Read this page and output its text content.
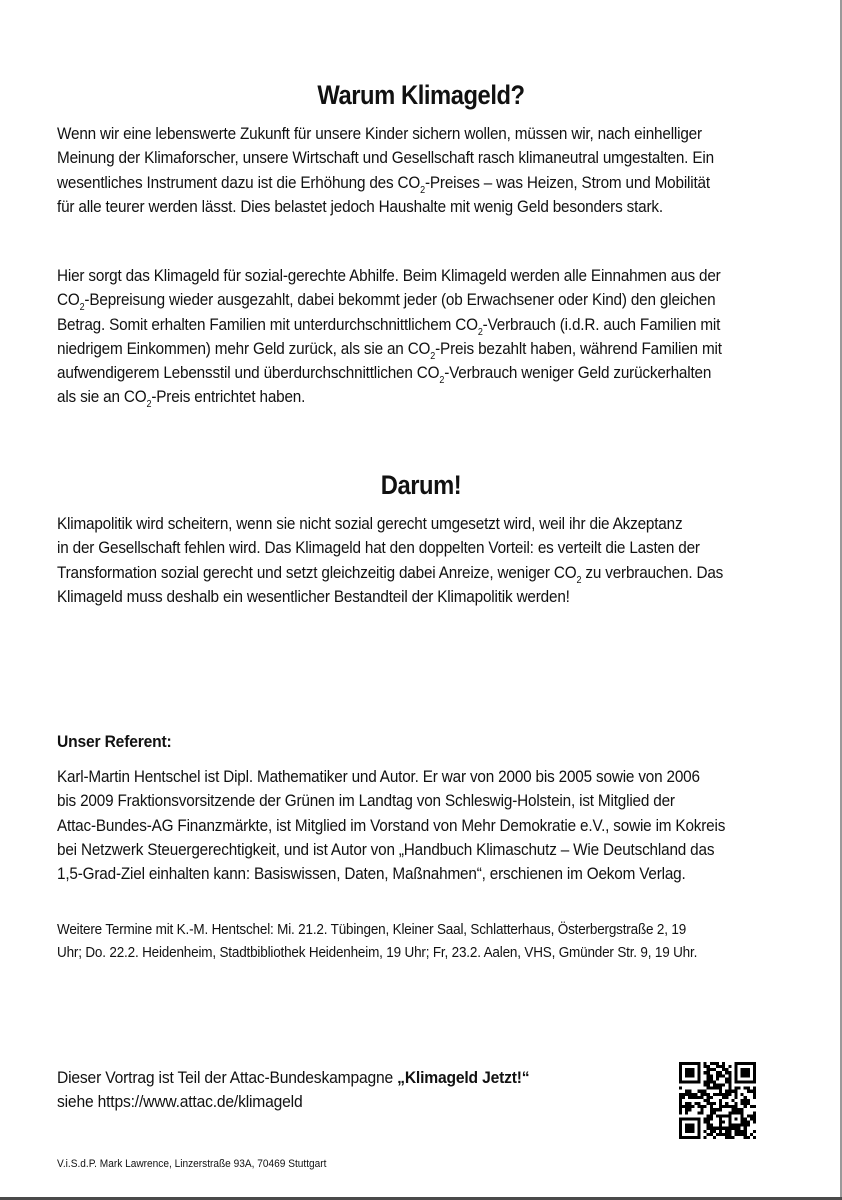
Warum Klimageld?
Wenn wir eine lebenswerte Zukunft für unsere Kinder sichern wollen, müssen wir, nach einhelliger
Meinung der Klimaforscher, unsere Wirtschaft und Gesellschaft rasch klimaneutral umgestalten. Ein
wesentliches Instrument dazu ist die Erhöhung des $CO_2$-Preises – was Heizen, Strom und Mobilität
für alle teurer werden lässt. Dies belastet jedoch Haushalte mit wenig Geld besonders stark.
Hier sorgt das Klimageld für sozial-gerechte Abhilfe. Beim Klimageld werden alle Einnahmen aus der
$CO_2$-Bepreisung wieder ausgezahlt, dabei bekommt jeder (ob Erwachsener oder Kind) den gleichen
Betrag. Somit erhalten Familien mit unterdurchschnittlichem $CO_2$-Verbrauch (i.d.R. auch Familien mit
niedrigem Einkommen) mehr Geld zurück, als sie an $CO_2$-Preis bezahlt haben, während Familien mit
aufwendigerem Lebensstil und überdurchschnittlichen $CO_2$-Verbrauch weniger Geld zurückerhalten
als sie an $CO_2$-Preis entrichtet haben.
Darum!
Klimapolitik wird scheitern, wenn sie nicht sozial gerecht umgesetzt wird, weil ihr die Akzeptanz
in der Gesellschaft fehlen wird. Das Klimageld hat den doppelten Vorteil: es verteilt die Lasten der
Transformation sozial gerecht und setzt gleichzeitig dabei Anreize, weniger $CO_2$ zu verbrauchen. Das
Klimageld muss deshalb ein wesentlicher Bestandteil der Klimapolitik werden!
Unser Referent:
Karl-Martin Hentschel ist Dipl. Mathematiker und Autor. Er war von 2000 bis 2005 sowie von 2006
bis 2009 Fraktionsvorsitzende der Grünen im Landtag von Schleswig-Holstein, ist Mitglied der
Attac-Bundes-AG Finanzmärkte, ist Mitglied im Vorstand von Mehr Demokratie e.V., sowie im Kokreis
bei Netzwerk Steuergerechtigkeit, und ist Autor von „Handbuch Klimaschutz – Wie Deutschland das
1,5-Grad-Ziel einhalten kann: Basiswissen, Daten, Maßnahmen“, erschienen im Oekom Verlag.
Weitere Termine mit K.-M. Hentschel: Mi. 21.2. Tübingen, Kleiner Saal, Schlatterhaus, Österbergstraße 2, 19
Uhr; Do. 22.2. Heidenheim, Stadtbibliothek Heidenheim, 19 Uhr; Fr, 23.2. Aalen, VHS, Gmünder Str. 9, 19 Uhr.
Dieser Vortrag ist Teil der Attac-Bundeskampagne „Klimageld Jetzt!“
siehe https://www.attac.de/klimageld
V.i.S.d.P. Mark Lawrence, Linzerstraße 93A, 70469 Stuttgart
